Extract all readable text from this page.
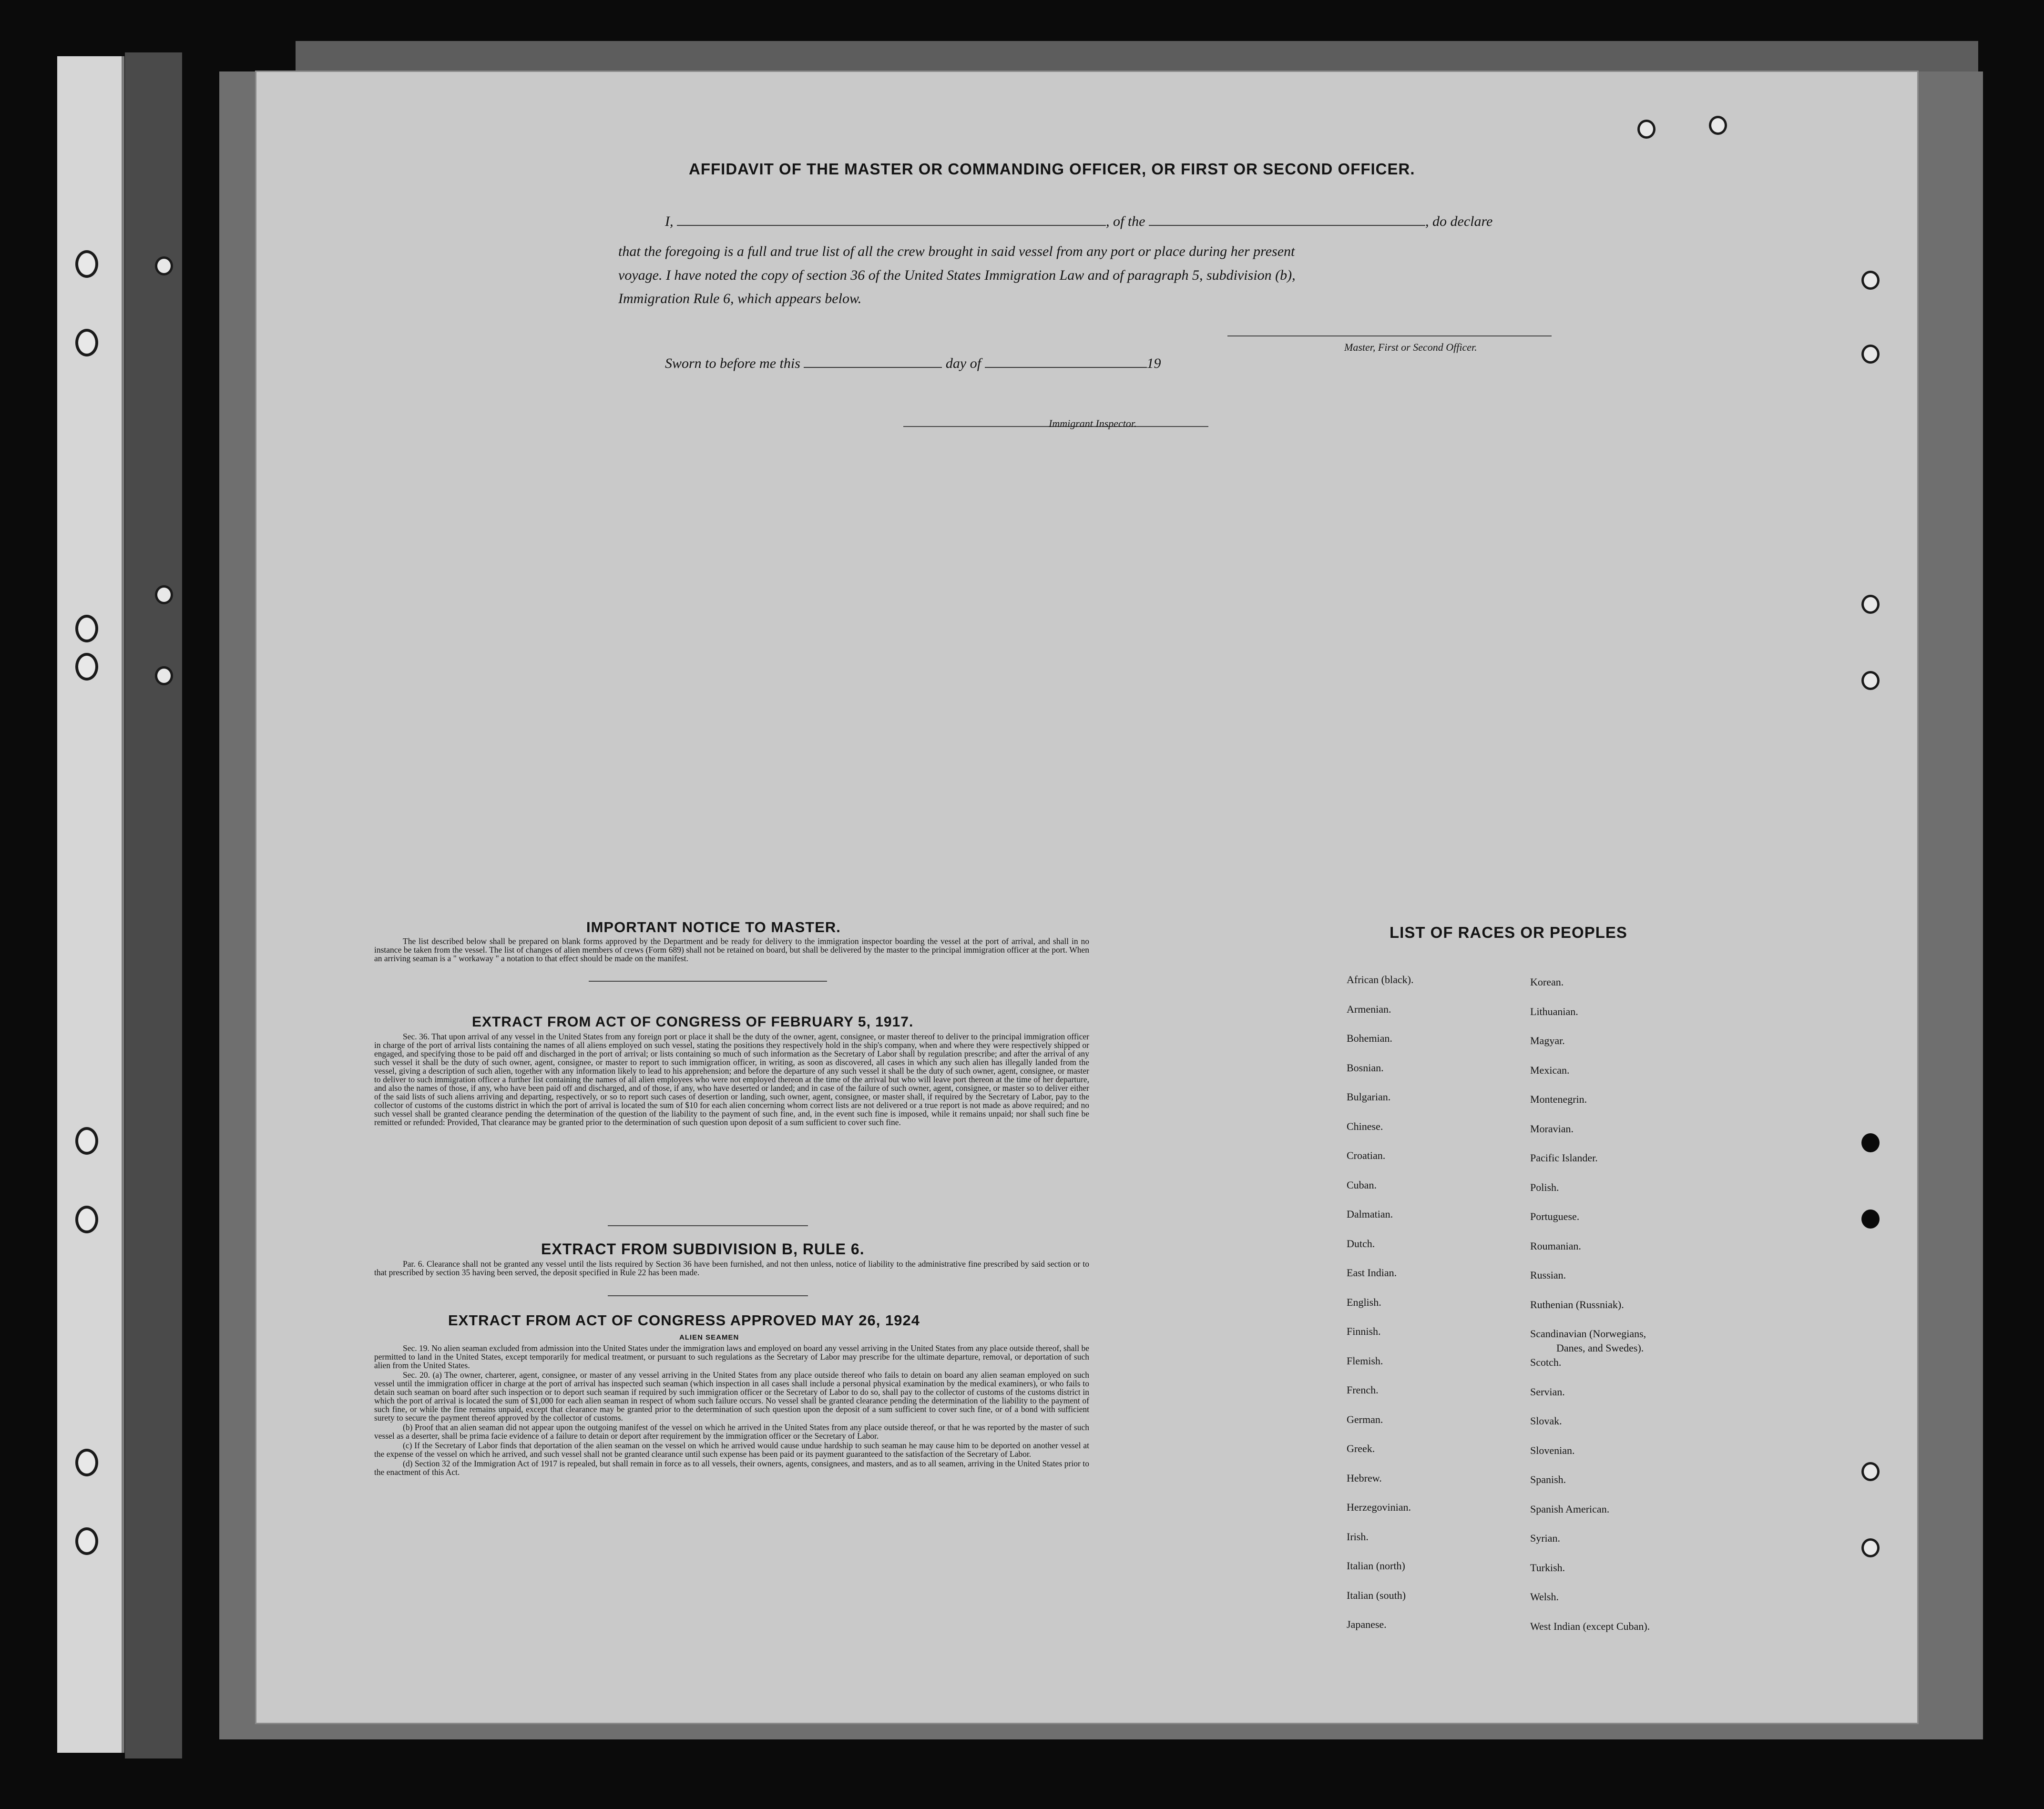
AFFIDAVIT OF THE MASTER OR COMMANDING OFFICER, OR FIRST OR SECOND OFFICER.
I,	, of the	, do declare
that the foregoing is a full and true list of all the crew brought in said vessel from any port or place during her present
voyage. I have noted the copy of section 36 of the United States Immigration Law and of paragraph 5, subdivision (b),
Immigration Rule 6, which appears below.
Master, First or Second Officer.
Sworn to before me this	day of	19
Immigrant Inspector.
IMPORTANT NOTICE TO MASTER.

The list described below shall be prepared on blank forms approved by the Department and be ready for delivery to the immigration inspector boarding the vessel at the port of arrival, and shall in no instance be taken from the vessel. The list of changes of alien members of crews (Form 689) shall not be retained on board, but shall be delivered by the master to the principal immigration officer at the port. When an arriving seaman is a " workaway " a notation to that effect should be made on the manifest.

EXTRACT FROM ACT OF CONGRESS OF FEBRUARY 5, 1917.

Sec. 36. That upon arrival of any vessel in the United States from any foreign port or place it shall be the duty of the owner, agent, consignee, or master thereof to deliver to the principal immigration officer in charge of the port of arrival lists containing the names of all aliens employed on such vessel, stating the positions they respectively hold in the ship's company, when and where they were respectively shipped or engaged, and specifying those to be paid off and discharged in the port of arrival; or lists containing so much of such information as the Secretary of Labor shall by regulation prescribe; and after the arrival of any such vessel it shall be the duty of such owner, agent, consignee, or master to report to such immigration officer, in writing, as soon as discovered, all cases in which any such alien has illegally landed from the vessel, giving a description of such alien, together with any information likely to lead to his apprehension; and before the departure of any such vessel it shall be the duty of such owner, agent, consignee, or master to deliver to such immigration officer a further list containing the names of all alien employees who were not employed thereon at the time of the arrival but who will leave port thereon at the time of her departure, and also the names of those, if any, who have been paid off and discharged, and of those, if any, who have deserted or landed; and in case of the failure of such owner, agent, consignee, or master so to deliver either of the said lists of such aliens arriving and departing, respectively, or so to report such cases of desertion or landing, such owner, agent, consignee, or master shall, if required by the Secretary of Labor, pay to the collector of customs of the customs district in which the port of arrival is located the sum of $10 for each alien concerning whom correct lists are not delivered or a true report is not made as above required; and no such vessel shall be granted clearance pending the determination of the question of the liability to the payment of such fine, and, in the event such fine is imposed, while it remains unpaid; nor shall such fine be remitted or refunded: Provided, That clearance may be granted prior to the determination of such question upon deposit of a sum sufficient to cover such fine.

EXTRACT FROM SUBDIVISION B, RULE 6.

Par. 6. Clearance shall not be granted any vessel until the lists required by Section 36 have been furnished, and not then unless, notice of liability to the administrative fine prescribed by said section or to that prescribed by section 35 having been served, the deposit specified in Rule 22 has been made.

EXTRACT FROM ACT OF CONGRESS APPROVED MAY 26, 1924
ALIEN SEAMEN

Sec. 19. No alien seaman excluded from admission into the United States under the immigration laws and employed on board any vessel arriving in the United States from any place outside thereof, shall be permitted to land in the United States, except temporarily for medical treatment, or pursuant to such regulations as the Secretary of Labor may prescribe for the ultimate departure, removal, or deportation of such alien from the United States.

Sec. 20. (a) The owner, charterer, agent, consignee, or master of any vessel arriving in the United States from any place outside thereof who fails to detain on board any alien seaman employed on such vessel until the immigration officer in charge at the port of arrival has inspected such seaman (which inspection in all cases shall include a personal physical examination by the medical examiners), or who fails to detain such seaman on board after such inspection or to deport such seaman if required by such immigration officer or the Secretary of Labor to do so, shall pay to the collector of customs of the customs district in which the port of arrival is located the sum of $1,000 for each alien seaman in respect of whom such failure occurs. No vessel shall be granted clearance pending the determination of the liability to the payment of such fine, or while the fine remains unpaid, except that clearance may be granted prior to the determination of such question upon the deposit of a sum sufficient to cover such fine, or of a bond with sufficient surety to secure the payment thereof approved by the collector of customs.

(b) Proof that an alien seaman did not appear upon the outgoing manifest of the vessel on which he arrived in the United States from any place outside thereof, or that he was reported by the master of such vessel as a deserter, shall be prima facie evidence of a failure to detain or deport after requirement by the immigration officer or the Secretary of Labor.

(c) If the Secretary of Labor finds that deportation of the alien seaman on the vessel on which he arrived would cause undue hardship to such seaman he may cause him to be deported on another vessel at the expense of the vessel on which he arrived, and such vessel shall not be granted clearance until such expense has been paid or its payment guaranteed to the satisfaction of the Secretary of Labor.

(d) Section 32 of the Immigration Act of 1917 is repealed, but shall remain in force as to all vessels, their owners, agents, consignees, and masters, and as to all seamen, arriving in the United States prior to the enactment of this Act.

LIST OF RACES OR PEOPLES
African (black).
Armenian.
Bohemian.
Bosnian.
Bulgarian.
Chinese.
Croatian.
Cuban.
Dalmatian.
Dutch.
East Indian.
English.
Finnish.
Flemish.
French.
German.
Greek.
Hebrew.
Herzegovinian.
Irish.
Italian (north)
Italian (south)
Japanese.
Korean.
Lithuanian.
Magyar.
Mexican.
Montenegrin.
Moravian.
Pacific Islander.
Polish.
Portuguese.
Roumanian.
Russian.
Ruthenian (Russniak).
Scandinavian (Norwegians,
Danes, and Swedes).
Scotch.
Servian.
Slovak.
Slovenian.
Spanish.
Spanish American.
Syrian.
Turkish.
Welsh.
West Indian (except Cuban).
